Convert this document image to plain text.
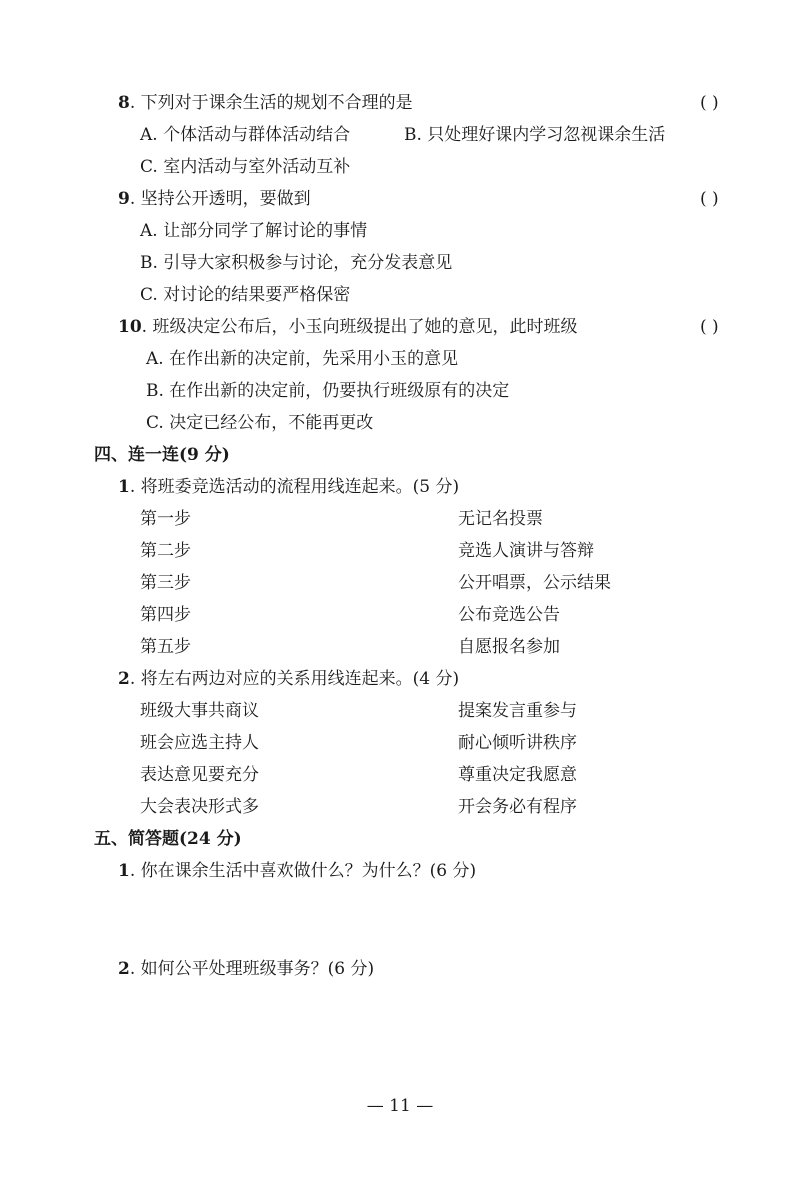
8. 下列对于课余生活的规划不合理的是	( )
A. 个体活动与群体活动结合	B. 只处理好课内学习忽视课余生活
C. 室内活动与室外活动互补
9. 坚持公开透明，要做到	( )
A. 让部分同学了解讨论的事情
B. 引导大家积极参与讨论，充分发表意见
C. 对讨论的结果要严格保密
10. 班级决定公布后，小玉向班级提出了她的意见，此时班级	( )
A. 在作出新的决定前，先采用小玉的意见
B. 在作出新的决定前，仍要执行班级原有的决定
C. 决定已经公布，不能再更改
四、连一连(9 分)
1. 将班委竞选活动的流程用线连起来。(5 分)
第一步	无记名投票
第二步	竞选人演讲与答辩
第三步	公开唱票，公示结果
第四步	公布竞选公告
第五步	自愿报名参加
2. 将左右两边对应的关系用线连起来。(4 分)
班级大事共商议	提案发言重参与
班会应选主持人	耐心倾听讲秩序
表达意见要充分	尊重决定我愿意
大会表决形式多	开会务必有程序
五、简答题(24 分)
1. 你在课余生活中喜欢做什么？为什么？(6 分)
2. 如何公平处理班级事务？(6 分)
— 11 —
